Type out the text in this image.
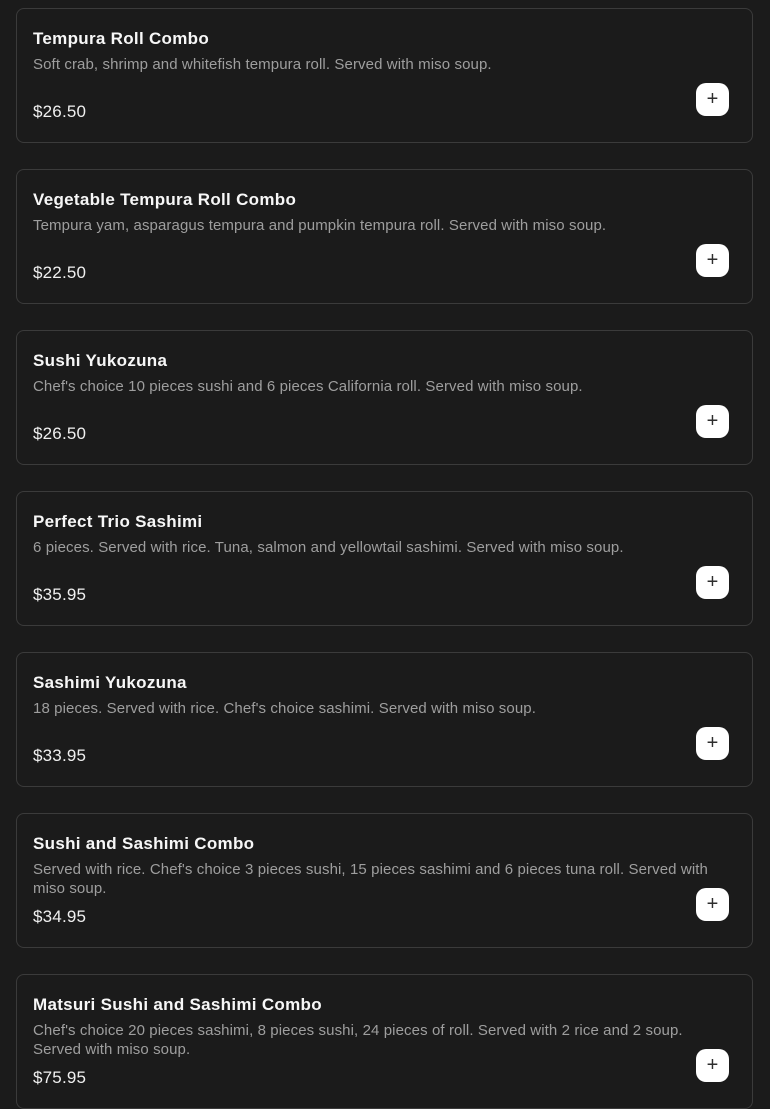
Tempura Roll Combo

Soft crab, shrimp and whitefish tempura roll. Served with miso soup.

$26.50
+
Vegetable Tempura Roll Combo

Tempura yam, asparagus tempura and pumpkin tempura roll. Served with miso soup.

$22.50
+
Sushi Yukozuna

Chef's choice 10 pieces sushi and 6 pieces California roll. Served with miso soup.

$26.50
+
Perfect Trio Sashimi

6 pieces. Served with rice. Tuna, salmon and yellowtail sashimi. Served with miso soup.

$35.95
+
Sashimi Yukozuna

18 pieces. Served with rice. Chef's choice sashimi. Served with miso soup.

$33.95
+
Sushi and Sashimi Combo

Served with rice. Chef's choice 3 pieces sushi, 15 pieces sashimi and 6 pieces tuna roll. Served with miso soup.

$34.95
+
Matsuri Sushi and Sashimi Combo

Chef's choice 20 pieces sashimi, 8 pieces sushi, 24 pieces of roll. Served with 2 rice and 2 soup. Served with miso soup.

$75.95
+
